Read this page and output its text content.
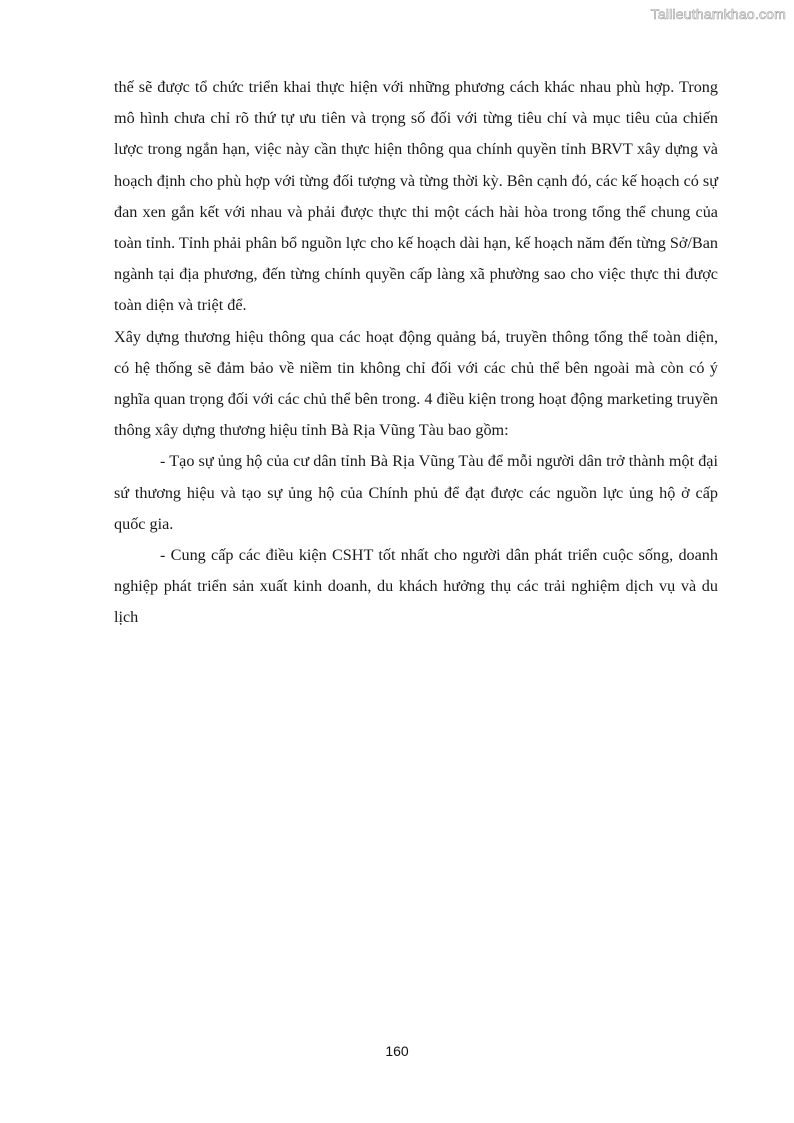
Tailieuthamkhao.com

thế sẽ được tổ chức triển khai thực hiện với những phương cách khác nhau phù hợp. Trong mô hình chưa chỉ rõ thứ tự ưu tiên và trọng số đối với từng tiêu chí và mục tiêu của chiến lược trong ngắn hạn, việc này cần thực hiện thông qua chính quyền tỉnh BRVT xây dựng và hoạch định cho phù hợp với từng đối tượng và từng thời kỳ. Bên cạnh đó, các kế hoạch có sự đan xen gắn kết với nhau và phải được thực thi một cách hài hòa trong tổng thể chung của toàn tỉnh. Tỉnh phải phân bổ nguồn lực cho kế hoạch dài hạn, kế hoạch năm đến từng Sở/Ban ngành tại địa phương, đến từng chính quyền cấp làng xã phường sao cho việc thực thi được toàn diện và triệt để.

Xây dựng thương hiệu thông qua các hoạt động quảng bá, truyền thông tổng thể toàn diện, có hệ thống sẽ đảm bảo về niềm tin không chỉ đối với các chủ thể bên ngoài mà còn có ý nghĩa quan trọng đối với các chủ thể bên trong. 4 điều kiện trong hoạt động marketing truyền thông xây dựng thương hiệu tỉnh Bà Rịa Vũng Tàu bao gồm:

- Tạo sự ủng hộ của cư dân tỉnh Bà Rịa Vũng Tàu để mỗi người dân trở thành một đại sứ thương hiệu và tạo sự ủng hộ của Chính phủ để đạt được các nguồn lực ủng hộ ở cấp quốc gia.

- Cung cấp các điều kiện CSHT tốt nhất cho người dân phát triển cuộc sống, doanh nghiệp phát triển sản xuất kinh doanh, du khách hưởng thụ các trải nghiệm dịch vụ và du lịch

160
